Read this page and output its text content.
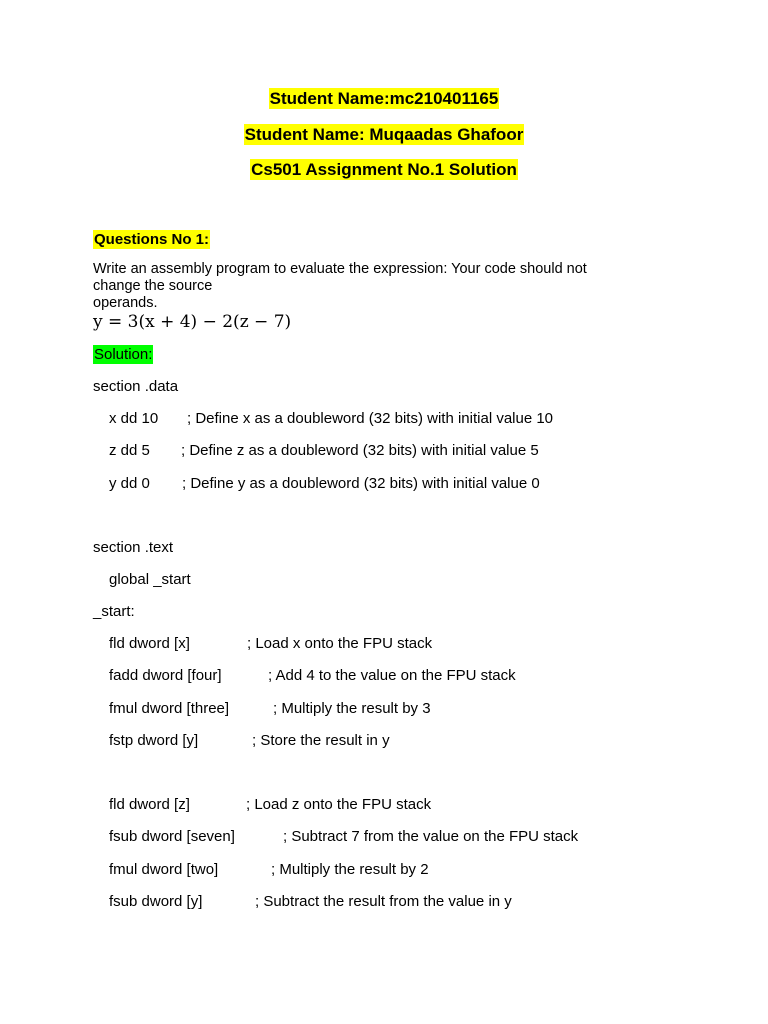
Student Name:mc210401165
Student Name: Muqaadas Ghafoor
Cs501 Assignment No.1 Solution
Questions No 1:
Write an assembly program to evaluate the expression: Your code should not
change the source
operands.
y = 3(x + 4) − 2(z − 7)
Solution:
section .data
x dd 10 ; Define x as a doubleword (32 bits) with initial value 10
z dd 5 ; Define z as a doubleword (32 bits) with initial value 5
y dd 0 ; Define y as a doubleword (32 bits) with initial value 0
section .text
global _start
_start:
fld dword [x]	; Load x onto the FPU stack
fadd dword [four]	; Add 4 to the value on the FPU stack
fmul dword [three]	; Multiply the result by 3
fstp dword [y]	; Store the result in y
fld dword [z]	; Load z onto the FPU stack
fsub dword [seven]	; Subtract 7 from the value on the FPU stack
fmul dword [two]	; Multiply the result by 2
fsub dword [y]	; Subtract the result from the value in y
